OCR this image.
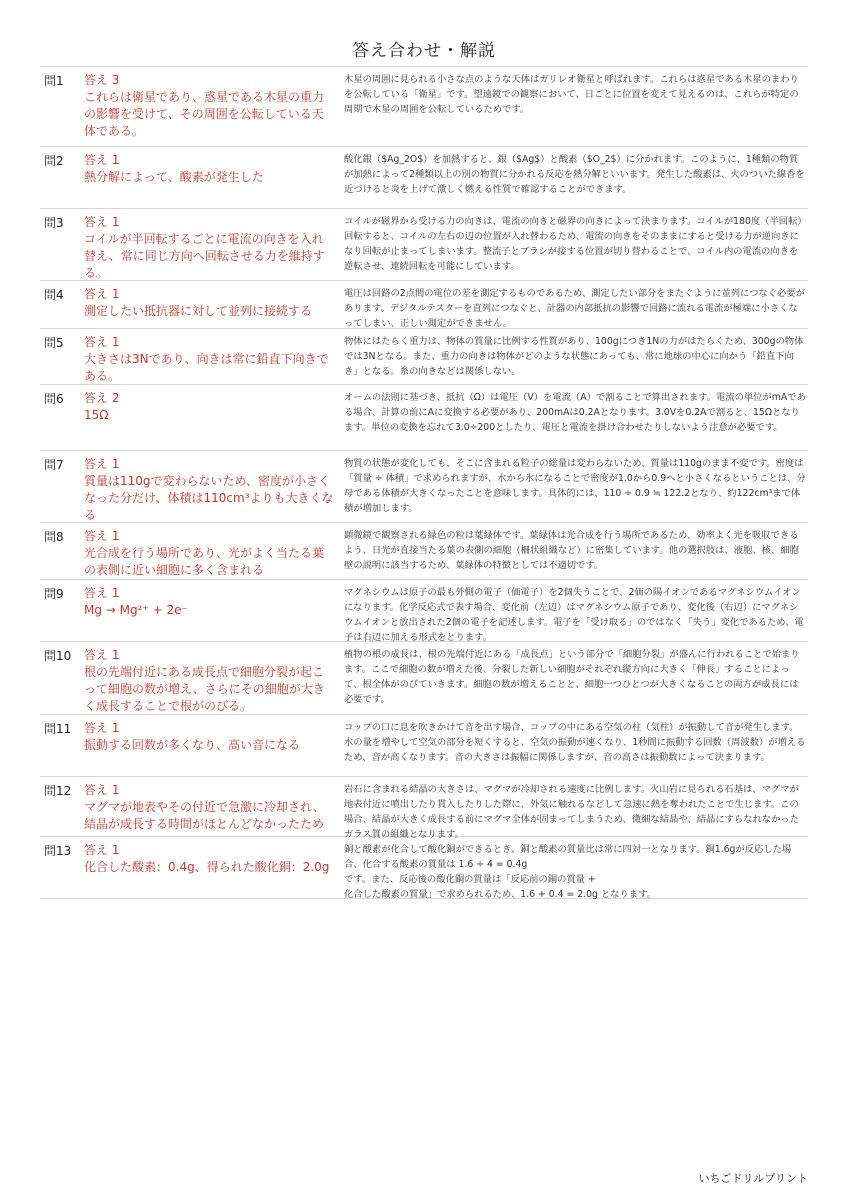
答え合わせ・解説
問1	答え 3
これらは衛星であり、惑星である木星の重力の影響を受けて、その周囲を公転している天体である。
木星の周囲に見られる小さな点のような天体はガリレオ衛星と呼ばれます。これらは惑星である木星のまわりを公転している「衛星」です。望遠鏡での観察において、日ごとに位置を変えて見えるのは、これらが特定の周期で木星の周囲を公転しているためです。
問2	答え 1
熱分解によって、酸素が発生した
酸化銀（$Ag_2O$）を加熱すると、銀（$Ag$）と酸素（$O_2$）に分かれます。このように、1種類の物質が加熱によって2種類以上の別の物質に分かれる反応を熱分解といいます。発生した酸素は、火のついた線香を近づけると炎を上げて激しく燃える性質で確認することができます。
問3	答え 1
コイルが半回転するごとに電流の向きを入れ替え、常に同じ方向へ回転させる力を維持する。
コイルが磁界から受ける力の向きは、電流の向きと磁界の向きによって決まります。コイルが180度（半回転）回転すると、コイルの左右の辺の位置が入れ替わるため、電流の向きをそのままにすると受ける力が逆向きになり回転が止まってしまいます。整流子とブラシが接する位置が切り替わることで、コイル内の電流の向きを逆転させ、連続回転を可能にしています。
問4	答え 1
測定したい抵抗器に対して並列に接続する
電圧は回路の2点間の電位の差を測定するものであるため、測定したい部分をまたぐように並列につなぐ必要があります。デジタルテスターを直列につなぐと、計器の内部抵抗の影響で回路に流れる電流が極端に小さくなってしまい、正しい測定ができません。
問5	答え 1
大きさは3Nであり、向きは常に鉛直下向きである。
物体にはたらく重力は、物体の質量に比例する性質があり、100gにつき1Nの力がはたらくため、300gの物体では3Nとなる。また、重力の向きは物体がどのような状態にあっても、常に地球の中心に向かう「鉛直下向き」となる。糸の向きなどは関係しない。
問6	答え 2
15Ω
オームの法則に基づき、抵抗（Ω）は電圧（V）を電流（A）で割ることで算出されます。電流の単位がmAである場合、計算の前にAに変換する必要があり、200mAは0.2Aとなります。3.0Vを0.2Aで割ると、15Ωとなります。単位の変換を忘れて3.0÷200としたり、電圧と電流を掛け合わせたりしないよう注意が必要です。
問7	答え 1
質量は110gで変わらないため、密度が小さくなった分だけ、体積は110cm³よりも大きくなる
物質の状態が変化しても、そこに含まれる粒子の総量は変わらないため、質量は110gのまま不変です。密度は「質量 ÷ 体積」で求められますが、水から氷になることで密度が1.0から0.9へと小さくなるということは、分母である体積が大きくなったことを意味します。具体的には、110 ÷ 0.9 ≒ 122.2となり、約122cm³まで体積が増加します。
問8	答え 1
光合成を行う場所であり、光がよく当たる葉の表側に近い細胞に多く含まれる
顕微鏡で観察される緑色の粒は葉緑体です。葉緑体は光合成を行う場所であるため、効率よく光を吸収できるよう、日光が直接当たる葉の表側の細胞（柵状組織など）に密集しています。他の選択肢は、液胞、核、細胞壁の説明に該当するため、葉緑体の特徴としては不適切です。
問9	答え 1
Mg → Mg²⁺ + 2e⁻
マグネシウムは原子の最も外側の電子（価電子）を2個失うことで、2価の陽イオンであるマグネシウムイオンになります。化学反応式で表す場合、変化前（左辺）はマグネシウム原子であり、変化後（右辺）にマグネシウムイオンと放出された2個の電子を記述します。電子を「受け取る」のではなく「失う」変化であるため、電子は右辺に加える形式をとります。
問10	答え 1
根の先端付近にある成長点で細胞分裂が起こって細胞の数が増え、さらにその細胞が大きく成長することで根がのびる。
植物の根の成長は、根の先端付近にある「成長点」という部分で「細胞分裂」が盛んに行われることで始まります。ここで細胞の数が増えた後、分裂した新しい細胞がそれぞれ縦方向に大きく「伸長」することによって、根全体がのびていきます。細胞の数が増えることと、細胞一つひとつが大きくなることの両方が成長には必要です。
問11	答え 1
振動する回数が多くなり、高い音になる
コップの口に息を吹きかけて音を出す場合、コップの中にある空気の柱（気柱）が振動して音が発生します。水の量を増やして空気の部分を短くすると、空気の振動が速くなり、1秒間に振動する回数（周波数）が増えるため、音が高くなります。音の大きさは振幅に関係しますが、音の高さは振動数によって決まります。
問12	答え 1
マグマが地表やその付近で急激に冷却され、結晶が成長する時間がほとんどなかったため
岩石に含まれる結晶の大きさは、マグマが冷却される速度に比例します。火山岩に見られる石基は、マグマが地表付近に噴出したり貫入したりした際に、外気に触れるなどして急速に熱を奪われたことで生じます。この場合、結晶が大きく成長する前にマグマ全体が固まってしまうため、微細な結晶や、結晶にすらなれなかったガラス質の組織となります。
問13	答え 1
化合した酸素：0.4g、得られた酸化銅：2.0g
銅と酸素が化合して酸化銅ができるとき、銅と酸素の質量比は常に四対一となります。銅1.6gが反応した場合、化合する酸素の質量は 1.6 ÷ 4 = 0.4g
です。また、反応後の酸化銅の質量は「反応前の銅の質量 +
化合した酸素の質量」で求められるため、1.6 + 0.4 = 2.0g となります。
いちごドリルプリント
